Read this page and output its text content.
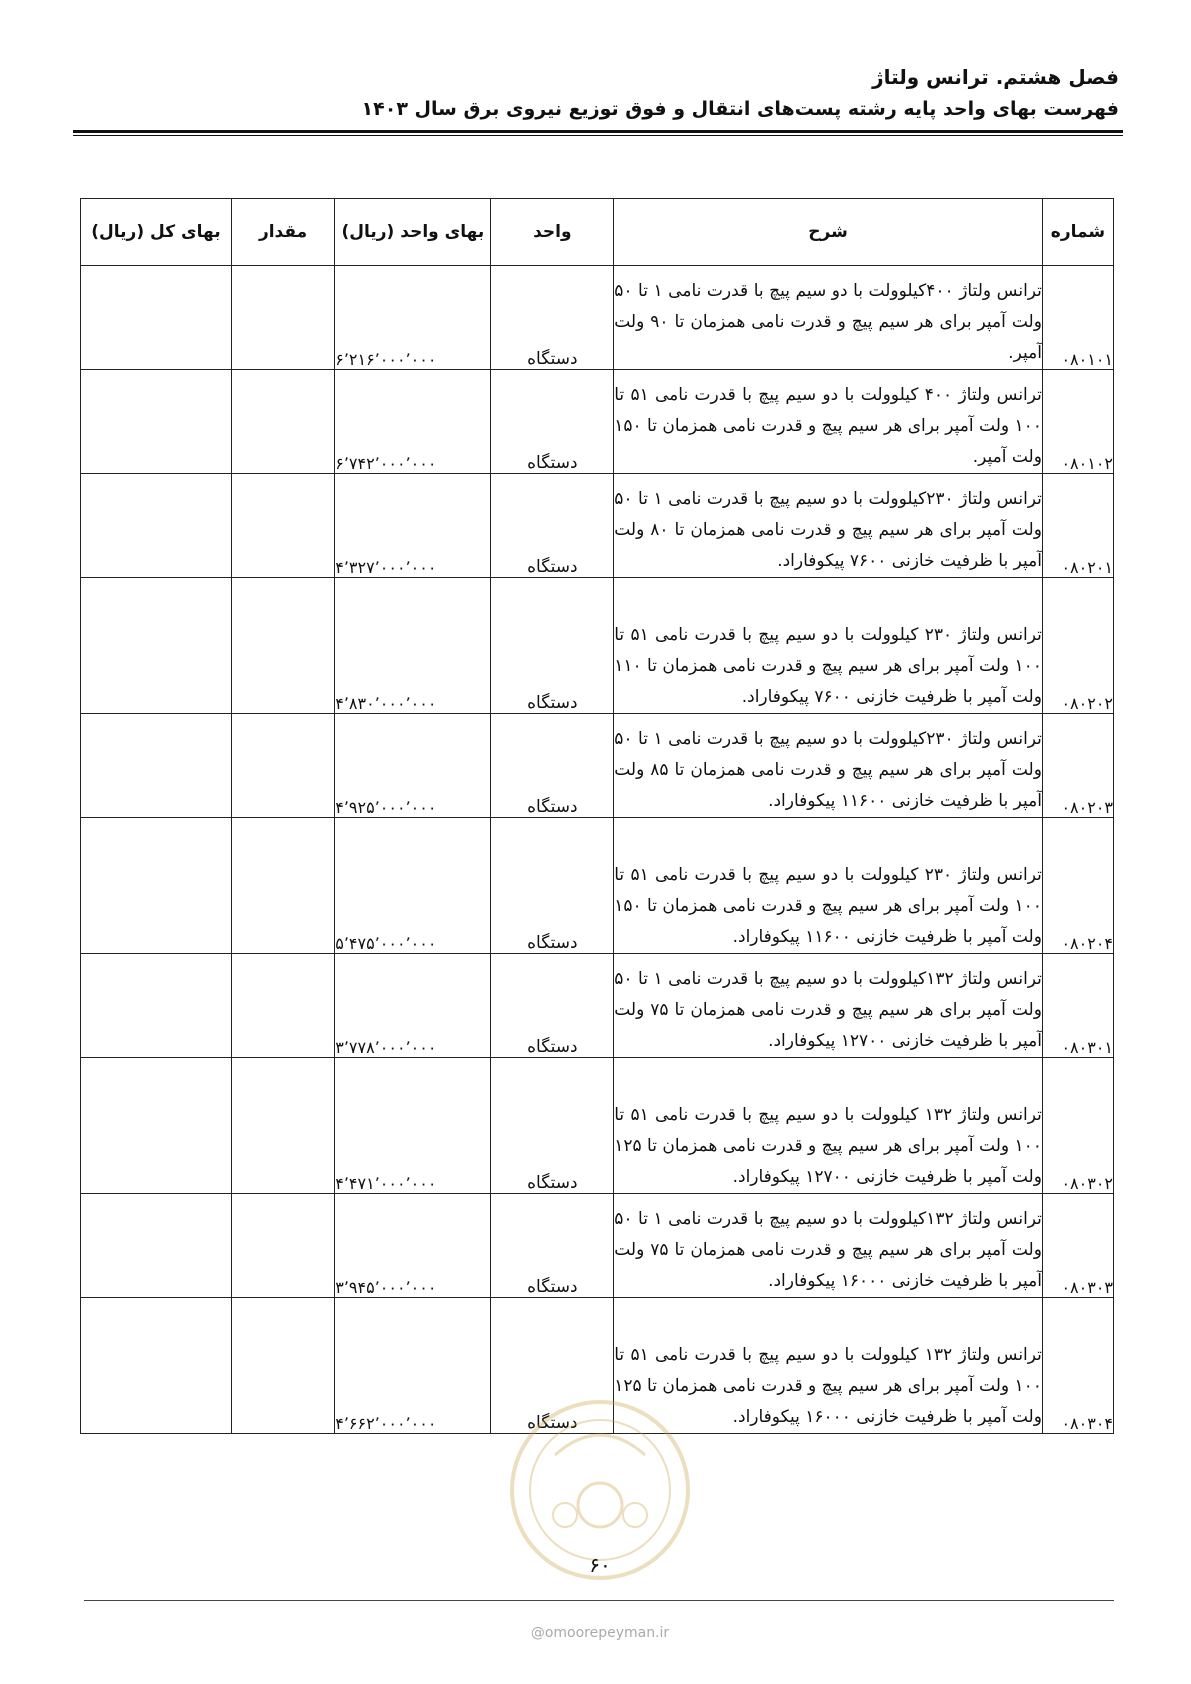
فصل هشتم. ترانس ولتاژ
فهرست بهای واحد پایه رشته پست‌های انتقال و فوق توزیع نیروی برق سال ۱۴۰۳
شماره	شرح	واحد	بهای واحد (ریال)	مقدار	بهای کل (ریال)
۰۸۰۱۰۱	ترانس ولتاژ ۴۰۰کیلوولت با دو سیم پیچ با قدرت نامی ۱ تا ۵۰ ولت آمپر برای هر سیم پیچ و قدرت نامی همزمان تا ۹۰ ولت آمپر.	دستگاه	۶٬۲۱۶٬۰۰۰٬۰۰۰		
۰۸۰۱۰۲	ترانس ولتاژ ۴۰۰ کیلوولت با دو سیم پیچ با قدرت نامی ۵۱ تا ۱۰۰ ولت آمپر برای هر سیم پیچ و قدرت نامی همزمان تا ۱۵۰ ولت آمپر.	دستگاه	۶٬۷۴۲٬۰۰۰٬۰۰۰		
۰۸۰۲۰۱	ترانس ولتاژ ۲۳۰کیلوولت با دو سیم پیچ با قدرت نامی ۱ تا ۵۰ ولت آمپر برای هر سیم پیچ و قدرت نامی همزمان تا ۸۰ ولت آمپر با ظرفیت خازنی ۷۶۰۰ پیکوفاراد.	دستگاه	۴٬۳۲۷٬۰۰۰٬۰۰۰		
۰۸۰۲۰۲	ترانس ولتاژ ۲۳۰ کیلوولت با دو سیم پیچ با قدرت نامی ۵۱ تا ۱۰۰ ولت آمپر برای هر سیم پیچ و قدرت نامی همزمان تا ۱۱۰ ولت آمپر با ظرفیت خازنی ۷۶۰۰ پیکوفاراد.	دستگاه	۴٬۸۳۰٬۰۰۰٬۰۰۰		
۰۸۰۲۰۳	ترانس ولتاژ ۲۳۰کیلوولت با دو سیم پیچ با قدرت نامی ۱ تا ۵۰ ولت آمپر برای هر سیم پیچ و قدرت نامی همزمان تا ۸۵ ولت آمپر با ظرفیت خازنی ۱۱۶۰۰ پیکوفاراد.	دستگاه	۴٬۹۲۵٬۰۰۰٬۰۰۰		
۰۸۰۲۰۴	ترانس ولتاژ ۲۳۰ کیلوولت با دو سیم پیچ با قدرت نامی ۵۱ تا ۱۰۰ ولت آمپر برای هر سیم پیچ و قدرت نامی همزمان تا ۱۵۰ ولت آمپر با ظرفیت خازنی ۱۱۶۰۰ پیکوفاراد.	دستگاه	۵٬۴۷۵٬۰۰۰٬۰۰۰		
۰۸۰۳۰۱	ترانس ولتاژ ۱۳۲کیلوولت با دو سیم پیچ با قدرت نامی ۱ تا ۵۰ ولت آمپر برای هر سیم پیچ و قدرت نامی همزمان تا ۷۵ ولت آمپر با ظرفیت خازنی ۱۲۷۰۰ پیکوفاراد.	دستگاه	۳٬۷۷۸٬۰۰۰٬۰۰۰		
۰۸۰۳۰۲	ترانس ولتاژ ۱۳۲ کیلوولت با دو سیم پیچ با قدرت نامی ۵۱ تا ۱۰۰ ولت آمپر برای هر سیم پیچ و قدرت نامی همزمان تا ۱۲۵ ولت آمپر با ظرفیت خازنی ۱۲۷۰۰ پیکوفاراد.	دستگاه	۴٬۴۷۱٬۰۰۰٬۰۰۰		
۰۸۰۳۰۳	ترانس ولتاژ ۱۳۲کیلوولت با دو سیم پیچ با قدرت نامی ۱ تا ۵۰ ولت آمپر برای هر سیم پیچ و قدرت نامی همزمان تا ۷۵ ولت آمپر با ظرفیت خازنی ۱۶۰۰۰ پیکوفاراد.	دستگاه	۳٬۹۴۵٬۰۰۰٬۰۰۰		
۰۸۰۳۰۴	ترانس ولتاژ ۱۳۲ کیلوولت با دو سیم پیچ با قدرت نامی ۵۱ تا ۱۰۰ ولت آمپر برای هر سیم پیچ و قدرت نامی همزمان تا ۱۲۵ ولت آمپر با ظرفیت خازنی ۱۶۰۰۰ پیکوفاراد.	دستگاه	۴٬۶۶۲٬۰۰۰٬۰۰۰		
۶۰
@omoorepeyman.ir
